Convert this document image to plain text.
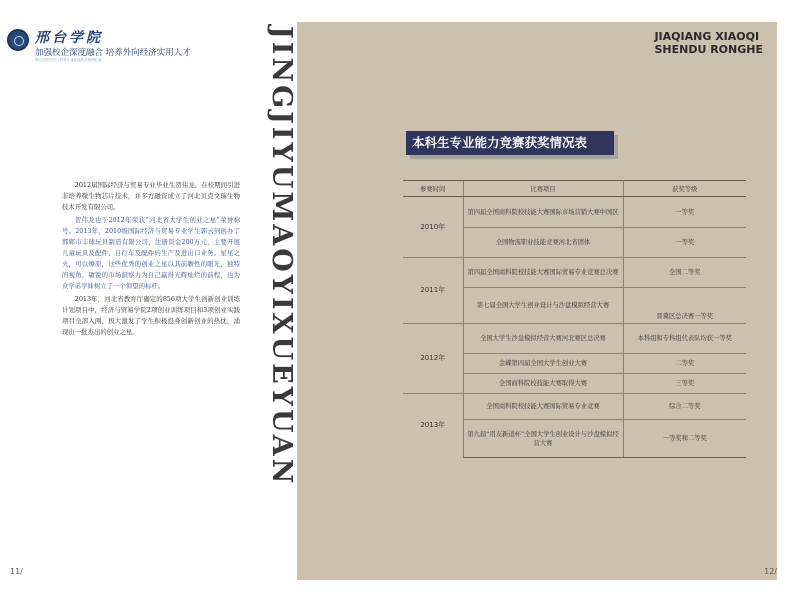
邢台学院
加强校企深度融合 培养外向经济实用人才
邢台学院经济与贸易专业实践教学案例汇编

2012届国际经济与贸易专业毕业生贺伟龙，在校期间引进非培养微生物芯片技术，并多方融资成立了河北贝克文瑞生物技术开发有限公司。

贺伟龙也于2012年荣获“河北省大学生创业之星”荣誉称号。2013年，2010级国际经济与贸易专业学生郭云剑创办了邯郸市丰球玩具制造有限公司，注册资金200万元，主要开展儿童玩具及配件、自行车及配件的生产及进出口业务。星星之火，可以燎原，这些优秀的创业之星以其前瞻性的眼光，独特的视角，敏锐的市场洞察力为自己赢得光辉灿烂的前程，也为众学弟学妹树立了一个仰望的标杆。

2013年，河北省教育厅确定的856项大学生创新创业训练计划项目中，经济与贸易学院2项创业训练项目和3项创业实践项目全部入围，极大激发了学生积极投身创新创业的热忱，涌现出一批杰出的创业之星。

11/
JINGJIYUMAOYIXUEYUAN	JIAQIANG XIAOQI
SHENDU RONGHE
本科生专业能力竞赛获奖情况表
参赛时间	比赛项目	获奖等级
2010年	第四届全国商科院校技能大赛国际市场营销大赛中国区	一等奖
	全国物流职业技能竞赛河北省团体	一等奖
2011年	第四届全国商科院校技能大赛国际贸易专业竞赛总决赛	全国二等奖
	第七届全国大学生创业设计与沙盘模拟经营大赛	晋冀区总决赛一等奖
2012年	全国大学生沙盘模拟经营大赛河北赛区总决赛	本科组和专科组代表队均获一等奖
	金蝶第四届全国大学生创业大赛	二等奖
	全国商科院校技能大赛取得大赛	三等奖
2013年	全国商科院校技能大赛国际贸易专业竞赛	综合二等奖
	第九届“用友新道杯”全国大学生创业设计与沙盘模拟经营大赛	一等奖和二等奖
12/
